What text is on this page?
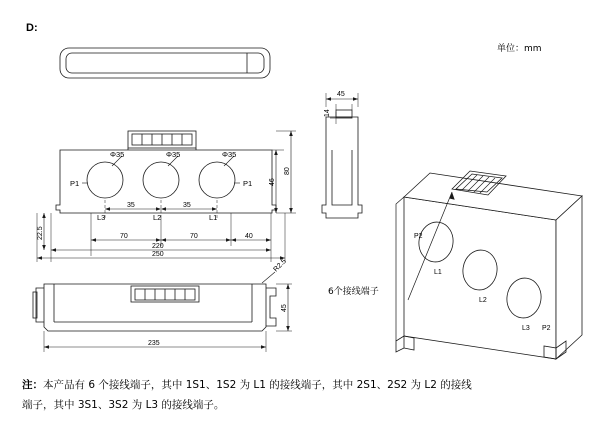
D:
单位：mm
Φ35	Φ35	Φ35
P1	P1
L3	L2	L1
35	35
70	70	40
220
250
80
46
22.5
45
14
235
45
R2.5
P2
L1
L2
L3 P2
6个接线端子
注：本产品有 6 个接线端子，其中 1S1、1S2 为 L1 的接线端子，其中 2S1、2S2 为 L2 的接线
端子，其中 3S1、3S2 为 L3 的接线端子。
